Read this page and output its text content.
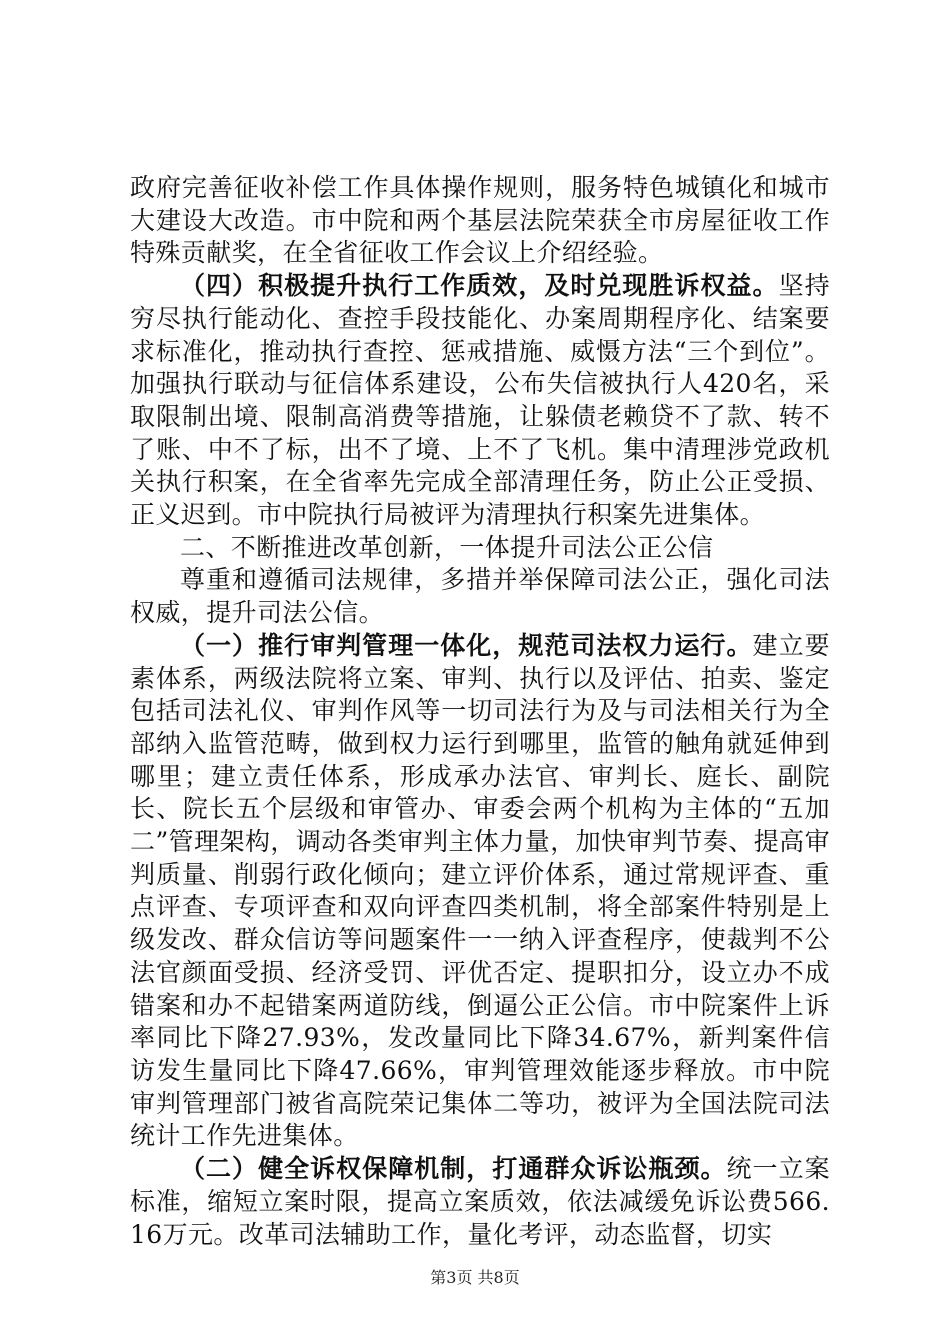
政府完善征收补偿工作具体操作规则，服务特色城镇化和城市大建设大改造。市中院和两个基层法院荣获全市房屋征收工作特殊贡献奖，在全省征收工作会议上介绍经验。

（四）积极提升执行工作质效，及时兑现胜诉权益。坚持穷尽执行能动化、查控手段技能化、办案周期程序化、结案要求标准化，推动执行查控、惩戒措施、威慑方法“三个到位”。加强执行联动与征信体系建设，公布失信被执行人420名，采取限制出境、限制高消费等措施，让躲债老赖贷不了款、转不了账、中不了标，出不了境、上不了飞机。集中清理涉党政机关执行积案，在全省率先完成全部清理任务，防止公正受损、正义迟到。市中院执行局被评为清理执行积案先进集体。

二、不断推进改革创新，一体提升司法公正公信

尊重和遵循司法规律，多措并举保障司法公正，强化司法权威，提升司法公信。

（一）推行审判管理一体化，规范司法权力运行。建立要素体系，两级法院将立案、审判、执行以及评估、拍卖、鉴定包括司法礼仪、审判作风等一切司法行为及与司法相关行为全部纳入监管范畴，做到权力运行到哪里，监管的触角就延伸到哪里；建立责任体系，形成承办法官、审判长、庭长、副院长、院长五个层级和审管办、审委会两个机构为主体的“五加二”管理架构，调动各类审判主体力量，加快审判节奏、提高审判质量、削弱行政化倾向；建立评价体系，通过常规评查、重点评查、专项评查和双向评查四类机制，将全部案件特别是上级发改、群众信访等问题案件一一纳入评查程序，使裁判不公法官颜面受损、经济受罚、评优否定、提职扣分，设立办不成错案和办不起错案两道防线，倒逼公正公信。市中院案件上诉率同比下降27.93%，发改量同比下降34.67%，新判案件信访发生量同比下降47.66%，审判管理效能逐步释放。市中院审判管理部门被省高院荣记集体二等功，被评为全国法院司法统计工作先进集体。

（二）健全诉权保障机制，打通群众诉讼瓶颈。统一立案标准，缩短立案时限，提高立案质效，依法减缓免诉讼费566.16万元。改革司法辅助工作，量化考评，动态监督，切实

第3页 共8页
